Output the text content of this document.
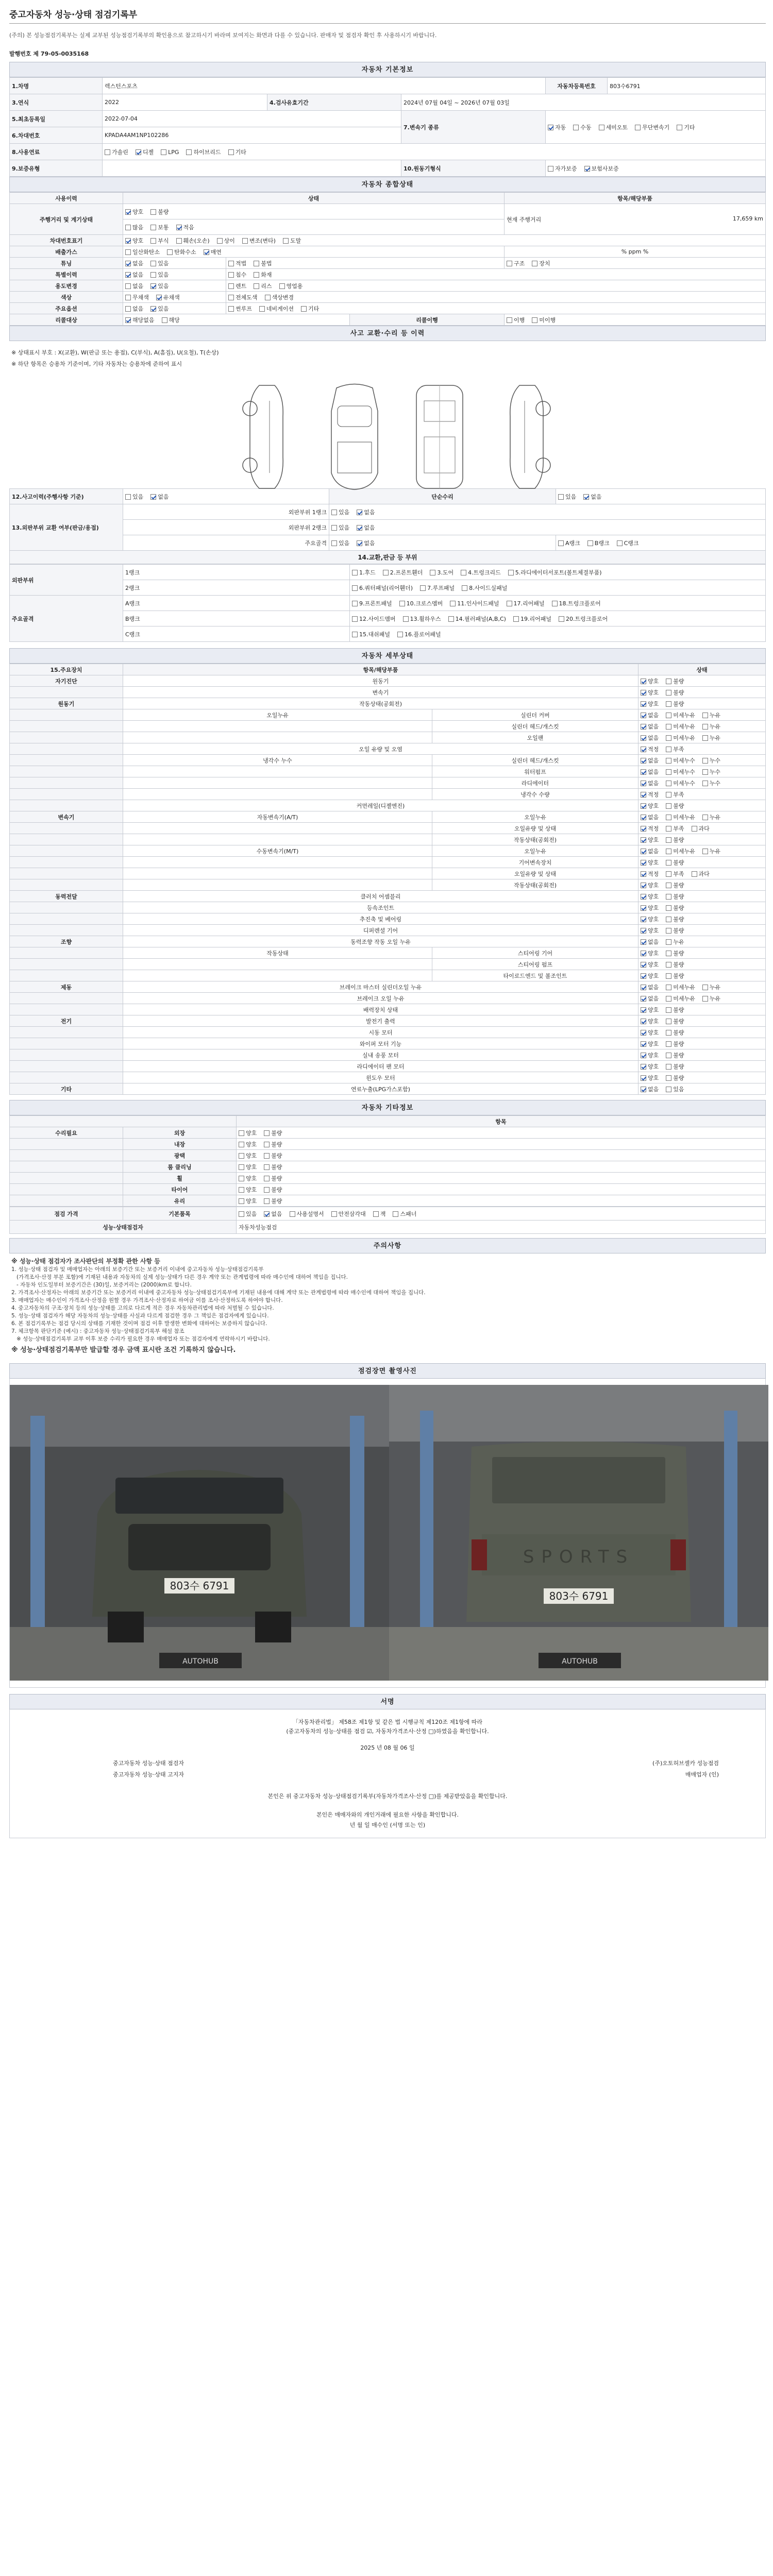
중고자동차 성능·상태 점검기록부
(주의) 본 성능점검기록부는 실제 교부된 성능점검기록부의 확인용으로 참고하시기 바라며 보여지는 화면과 다를 수 있습니다. 판매자 및 점검자 확인 후 사용하시기 바랍니다.
발행번호 제 79-05-0035168
자동차 기본정보
1.차명	렉스턴스포츠			자동차등록번호	803수6791
3.연식	2022	4.검사유효기간	2024년 07월 04일 ~ 2026년 07월 03일		
5.최초등록일	2022-07-04		7.변속기 종류	자동 수동 세미오토 무단변속기 기타	
6.차대번호	KPADA4AM1NP102286				
8.사용연료	가솔린 디젤 LPG 하이브리드 기타				
9.보증유형			10.원동기형식	자가보증 보험사보증	
자동차 종합상태
사용이력	상태			항목/해당부품
주행거리 및 계기상태	양호 불량			현재 주행거리 17,659 km

	많음 보통 적음			
차대번호표기	양호 부식 훼손(오손) 상이 변조(변타) 도말			
배출가스	일산화탄소 탄화수소 매연			% ppm %
튜닝	없음 있음	적법 불법		구조 장치
특별이력	없음 있음	침수 화재		
용도변경	없음 있음	렌트 리스 영업용		
색상	무채색 유채색	전체도색 색상변경		
주요옵션	없음 있음	썬루프 네비게이션 기타		
리콜대상	해당없음 해당		리콜이행	이행 미이행
사고 교환·수리 등 이력
※ 상태표시 부호 : X(교환), W(판금 또는 용접), C(부식), A(흠집), U(요철), T(손상)
※ 하단 항목은 승용차 기준이며, 기타 자동차는 승용차에 준하여 표시
12.사고이력(주행사항 기준)	있음 없음	단순수리	있음 없음
13.외판부위 교환 여부(판금/용접)	외판부위 1랭크	있음 없음	
	외판부위 2랭크	있음 없음	
	주요골격	있음 없음	A랭크 B랭크 C랭크
14.교환,판금 등 부위
외판부위	1랭크	1.후드 2.프론트휀더 3.도어 4.트렁크리드 5.라디에이터서포트(볼트체결부품)
	2랭크	6.쿼터패널(리어휀더) 7.루프패널 8.사이드실패널
주요골격	A랭크	9.프론트패널 10.크로스멤버 11.인사이드패널 17.리어패널 18.트렁크플로어
	B랭크	12.사이드멤버 13.휠하우스 14.필러패널(A,B,C) 19.리어패널 20.트렁크플로어
	C랭크	15.대쉬패널 16.플로어패널
자동차 세부상태
15.주요장치	항목/해당부품		상태
자기진단	원동기		양호 불량
	변속기		양호 불량
원동기	작동상태(공회전)		양호 불량
	오일누유	실린더 커버	없음 미세누유 누유
		실린더 헤드/개스킷	없음 미세누유 누유
		오일팬	없음 미세누유 누유
	오일 유량 및 오염		적정 부족
	냉각수 누수	실린더 헤드/개스킷	없음 미세누수 누수
		워터펌프	없음 미세누수 누수
		라디에이터	없음 미세누수 누수
		냉각수 수량	적정 부족
	커먼레일(디젤엔진)		양호 불량
변속기	자동변속기(A/T)	오일누유	없음 미세누유 누유
		오일유량 및 상태	적정 부족 과다
		작동상태(공회전)	양호 불량
	수동변속기(M/T)	오일누유	없음 미세누유 누유
		기어변속장치	양호 불량
		오일유량 및 상태	적정 부족 과다
		작동상태(공회전)	양호 불량
동력전달	클러치 어셈블리		양호 불량
	등속조인트		양호 불량
	추진축 및 베어링		양호 불량
	디퍼렌셜 기어		양호 불량
조향	동력조향 작동 오일 누유		없음 누유
	작동상태	스티어링 기어	양호 불량
		스티어링 펌프	양호 불량
		타이로드엔드 및 볼조인트	양호 불량
제동	브레이크 마스터 실린더오일 누유		없음 미세누유 누유
	브레이크 오일 누유		없음 미세누유 누유
	배력장치 상태		양호 불량
전기	발전기 출력		양호 불량
	시동 모터		양호 불량
	와이퍼 모터 기능		양호 불량
	실내 송풍 모터		양호 불량
	라디에이터 팬 모터		양호 불량
	윈도우 모터		양호 불량
기타	연료누출(LPG가스포함)		없음 있음
자동차 기타정보
		항목
수리필요	외장	양호 불량
	내장	양호 불량
	광택	양호 불량
	룸 클리닝	양호 불량
	휠	양호 불량
	타이어	양호 불량
	유리	양호 불량
점검 가격	기본품목	있음 없음 사용설명서 안전삼각대 잭 스패너
성능·상태점검자		자동차성능점검
주의사항
※ 성능·상태 점검자가 조사판단의 부정확 관한 사항 등
1. 성능·상태 점검자 및 매매업자는 아래의 보증기간 또는 보증거리 이내에 중고자동차 성능·상태점검기록부
(가격조사·산정 부분 포함)에 기재된 내용과 자동차의 실제 성능·상태가 다른 경우 계약 또는 관계법령에 따라 매수인에 대하여 책임을 집니다.
- 자동차 인도일부터 보증기간은 (30)일, 보증거리는 (2000)km로 합니다.
2. 가격조사·산정자는 아래의 보증기간 또는 보증거리 이내에 중고자동차 성능·상태점검기록부에 기재된 내용에 대해 계약 또는 관계법령에 따라 매수인에 대하여 책임을 집니다.
3. 매매업자는 매수인이 가격조사·산정을 원할 경우 가격조사·산정자로 하여금 이를 조사·산정하도록 하여야 합니다.
4. 중고자동차의 구조·장치 등의 성능·상태를 고의로 다르게 적은 경우 자동차관리법에 따라 처벌될 수 있습니다.
5. 성능·상태 점검자가 해당 자동차의 성능·상태를 사실과 다르게 점검한 경우 그 책임은 점검자에게 있습니다.
6. 본 점검기록부는 점검 당시의 상태를 기재한 것이며 점검 이후 발생한 변화에 대하여는 보증하지 않습니다.
7. 체크항목 판단기준 (예시) : 중고자동차 성능·상태점검기록부 해설 참조
※ 성능·상태점검기록부 교부 이후 보증 수리가 필요한 경우 매매업자 또는 점검자에게 연락하시기 바랍니다.
※ 성능·상태점검기록부만 발급할 경우 금액 표시란 조건 기록하지 않습니다.
점검장면 촬영사진
803수 6791
AUTOHUB
SPORTS
803수 6791
AUTOHUB
서명
「자동차관리법」 제58조 제1항 및 같은 법 시행규칙 제120조 제1항에 따라
(중고자동차의 성능·상태를 점검 ☑, 자동차가격조사·산정 □)하였음을 확인합니다.
2025 년 08 월 06 일
중고자동차 성능·상태 점검자	(주)오토허브셀카 성능점검
중고자동차 성능·상태 고지자	매매업자 (인)
본인은 위 중고자동차 성능·상태점검기록부(자동차가격조사·산정 □)를 제공받았음을 확인합니다.
본인은 매매자와의 개인거래에 필요한 사항을 확인합니다.
년 월 일 매수인 (서명 또는 인)
